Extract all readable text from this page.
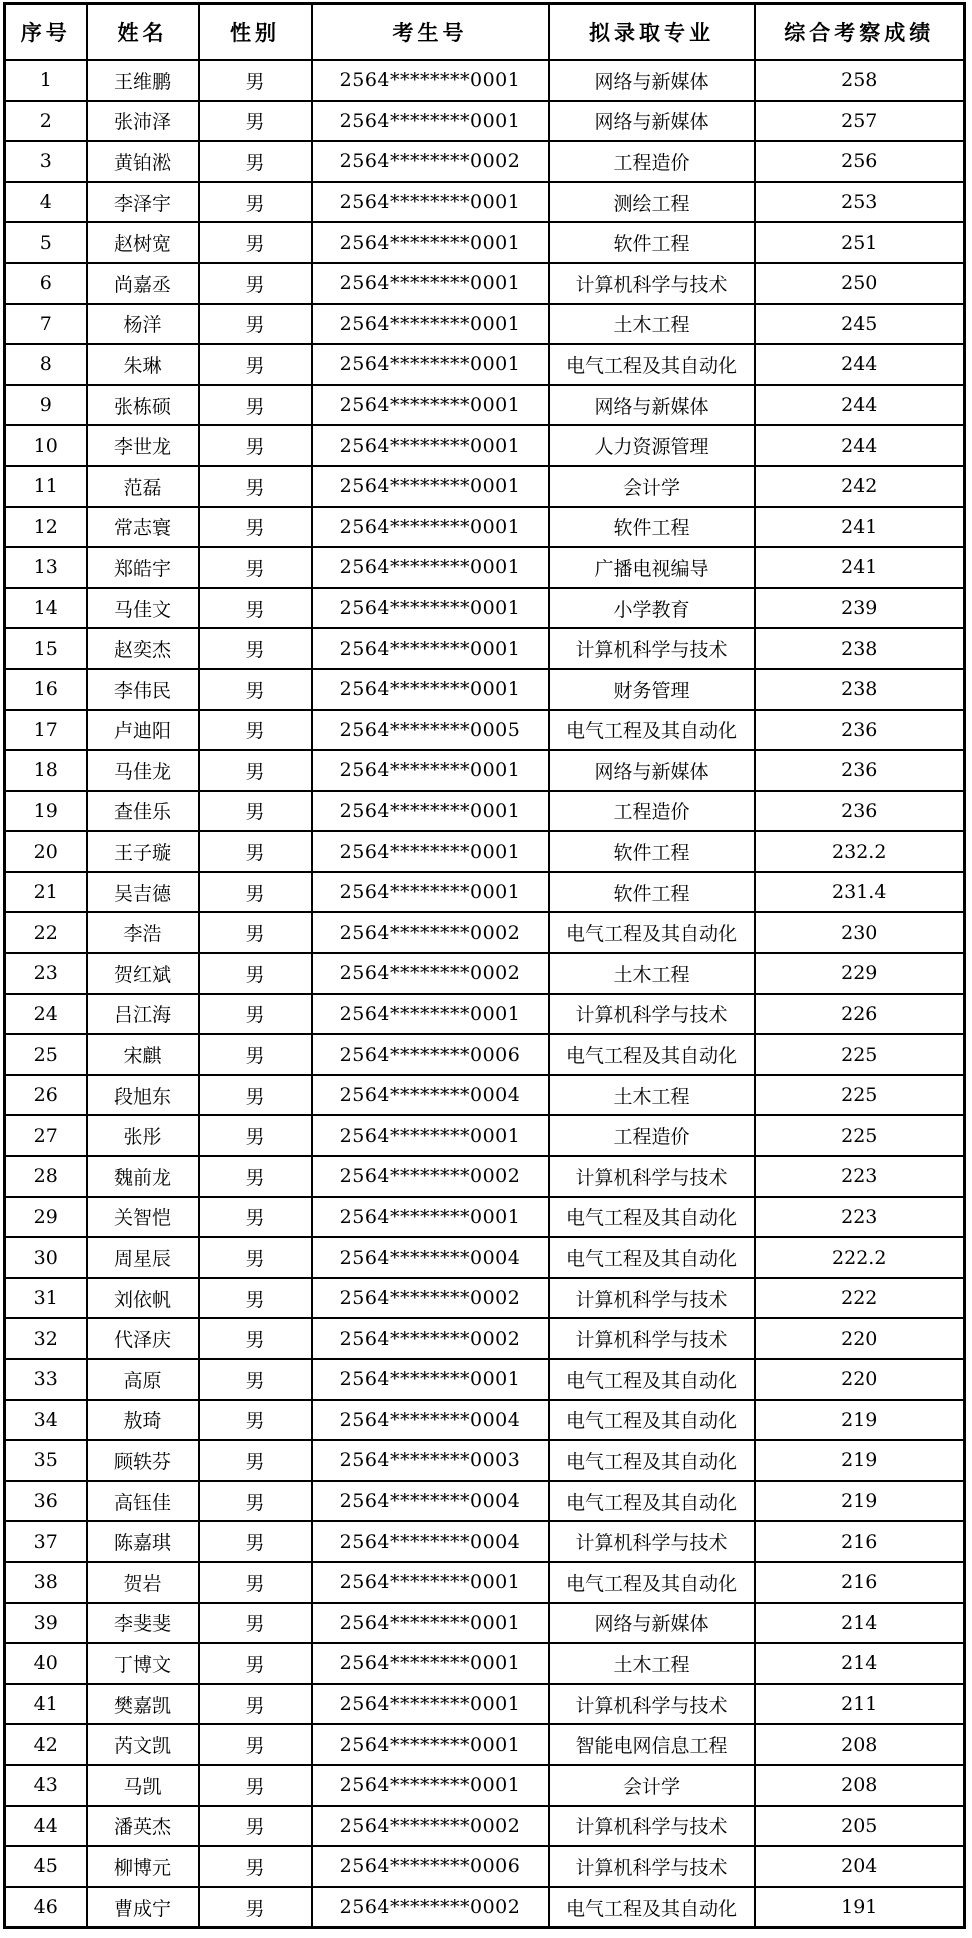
序号	姓名	性别	考生号	拟录取专业	综合考察成绩
1	王维鹏	男	2564********0001	网络与新媒体	258
2	张沛泽	男	2564********0001	网络与新媒体	257
3	黄铂淞	男	2564********0002	工程造价	256
4	李泽宇	男	2564********0001	测绘工程	253
5	赵树宽	男	2564********0001	软件工程	251
6	尚嘉丞	男	2564********0001	计算机科学与技术	250
7	杨洋	男	2564********0001	土木工程	245
8	朱琳	男	2564********0001	电气工程及其自动化	244
9	张栋硕	男	2564********0001	网络与新媒体	244
10	李世龙	男	2564********0001	人力资源管理	244
11	范磊	男	2564********0001	会计学	242
12	常志寰	男	2564********0001	软件工程	241
13	郑皓宇	男	2564********0001	广播电视编导	241
14	马佳文	男	2564********0001	小学教育	239
15	赵奕杰	男	2564********0001	计算机科学与技术	238
16	李伟民	男	2564********0001	财务管理	238
17	卢迪阳	男	2564********0005	电气工程及其自动化	236
18	马佳龙	男	2564********0001	网络与新媒体	236
19	查佳乐	男	2564********0001	工程造价	236
20	王子璇	男	2564********0001	软件工程	232.2
21	吴吉德	男	2564********0001	软件工程	231.4
22	李浩	男	2564********0002	电气工程及其自动化	230
23	贺红斌	男	2564********0002	土木工程	229
24	吕江海	男	2564********0001	计算机科学与技术	226
25	宋麒	男	2564********0006	电气工程及其自动化	225
26	段旭东	男	2564********0004	土木工程	225
27	张彤	男	2564********0001	工程造价	225
28	魏前龙	男	2564********0002	计算机科学与技术	223
29	关智恺	男	2564********0001	电气工程及其自动化	223
30	周星辰	男	2564********0004	电气工程及其自动化	222.2
31	刘依帆	男	2564********0002	计算机科学与技术	222
32	代泽庆	男	2564********0002	计算机科学与技术	220
33	高原	男	2564********0001	电气工程及其自动化	220
34	敖琦	男	2564********0004	电气工程及其自动化	219
35	顾轶芬	男	2564********0003	电气工程及其自动化	219
36	高钰佳	男	2564********0004	电气工程及其自动化	219
37	陈嘉琪	男	2564********0004	计算机科学与技术	216
38	贺岩	男	2564********0001	电气工程及其自动化	216
39	李斐斐	男	2564********0001	网络与新媒体	214
40	丁博文	男	2564********0001	土木工程	214
41	樊嘉凯	男	2564********0001	计算机科学与技术	211
42	芮文凯	男	2564********0001	智能电网信息工程	208
43	马凯	男	2564********0001	会计学	208
44	潘英杰	男	2564********0002	计算机科学与技术	205
45	柳博元	男	2564********0006	计算机科学与技术	204
46	曹成宁	男	2564********0002	电气工程及其自动化	191
